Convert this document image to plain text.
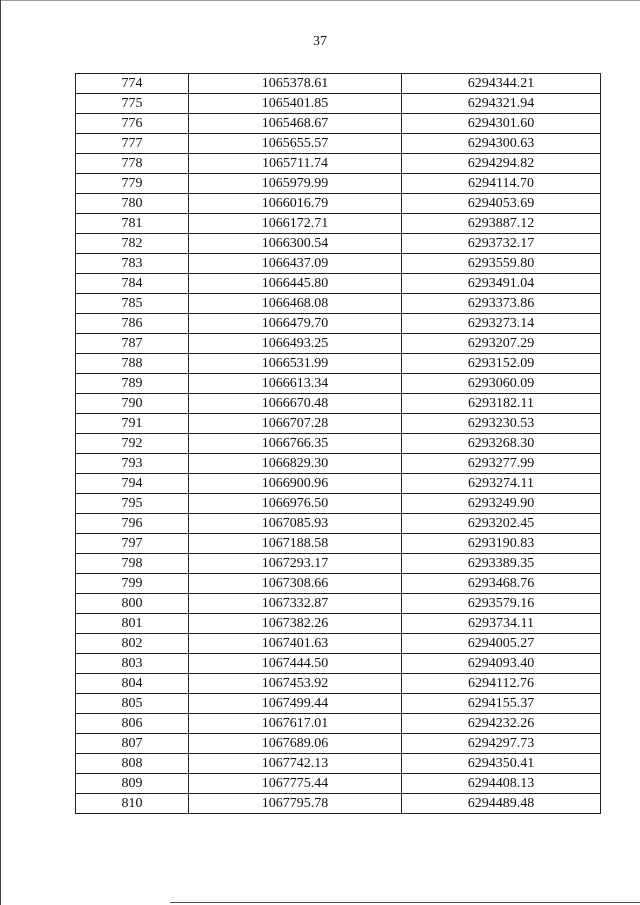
37
774	1065378.61	6294344.21
775	1065401.85	6294321.94
776	1065468.67	6294301.60
777	1065655.57	6294300.63
778	1065711.74	6294294.82
779	1065979.99	6294114.70
780	1066016.79	6294053.69
781	1066172.71	6293887.12
782	1066300.54	6293732.17
783	1066437.09	6293559.80
784	1066445.80	6293491.04
785	1066468.08	6293373.86
786	1066479.70	6293273.14
787	1066493.25	6293207.29
788	1066531.99	6293152.09
789	1066613.34	6293060.09
790	1066670.48	6293182.11
791	1066707.28	6293230.53
792	1066766.35	6293268.30
793	1066829.30	6293277.99
794	1066900.96	6293274.11
795	1066976.50	6293249.90
796	1067085.93	6293202.45
797	1067188.58	6293190.83
798	1067293.17	6293389.35
799	1067308.66	6293468.76
800	1067332.87	6293579.16
801	1067382.26	6293734.11
802	1067401.63	6294005.27
803	1067444.50	6294093.40
804	1067453.92	6294112.76
805	1067499.44	6294155.37
806	1067617.01	6294232.26
807	1067689.06	6294297.73
808	1067742.13	6294350.41
809	1067775.44	6294408.13
810	1067795.78	6294489.48
